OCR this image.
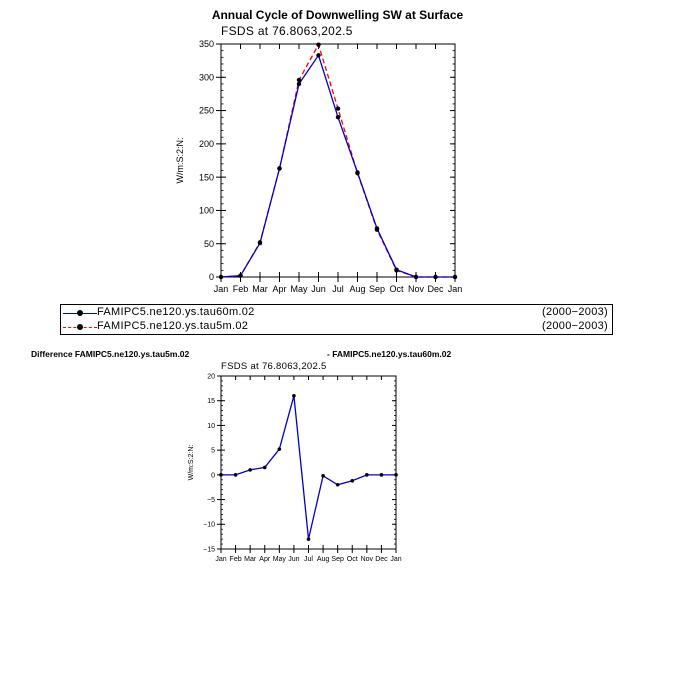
Annual Cycle of Downwelling SW at Surface
FSDS at 76.8063,202.5
0
50
100
150
200
250
300
350
Jan Feb Mar Apr May Jun Jul Aug Sep Oct Nov Dec Jan
W/m:S:2:N:
FAMIPC5.ne120.ys.tau60m.02	(2000−2003)
FAMIPC5.ne120.ys.tau5m.02	(2000−2003)
Difference FAMIPC5.ne120.ys.tau5m.02	- FAMIPC5.ne120.ys.tau60m.02
FSDS at 76.8063,202.5
−15
−10
−5
0
5
10
15
20
Jan Feb Mar Apr May Jun Jul Aug Sep Oct Nov Dec Jan
W/m:S:2:N:
